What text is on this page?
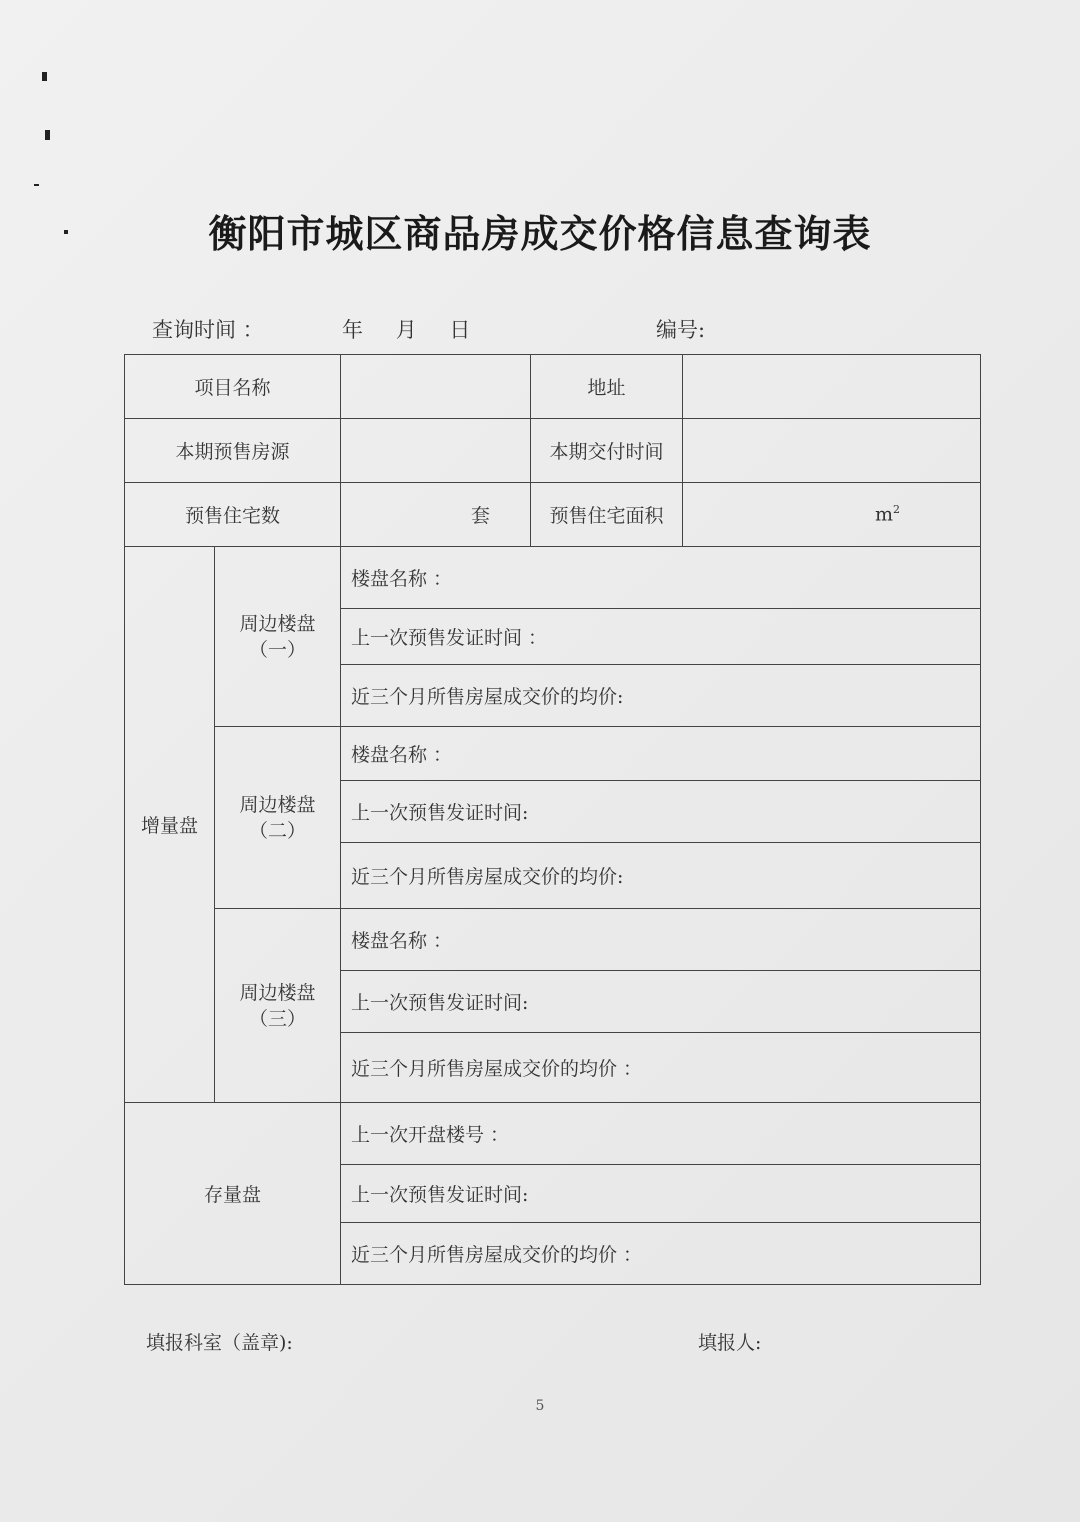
衡阳市城区商品房成交价格信息查询表
查询时间 ：	年 月 日	编号:
项目名称			地址	
本期预售房源			本期交付时间	
预售住宅数		套	预售住宅面积	$m^2$
增量盘	周边楼盘
（一）	楼盘名称 ：		
		上一次预售发证时间 ：		
		近三个月所售房屋成交价的均价:		

	周边楼盘
（二）	楼盘名称 ：		
		上一次预售发证时间:		
		近三个月所售房屋成交价的均价:		

	周边楼盘
（三）	楼盘名称 ：		
		上一次预售发证时间:		
		近三个月所售房屋成交价的均价 ：		
存量盘		上一次开盘楼号 ：		
		上一次预售发证时间:		
		近三个月所售房屋成交价的均价 ：		
填报科室（盖章):	填报人:
5
